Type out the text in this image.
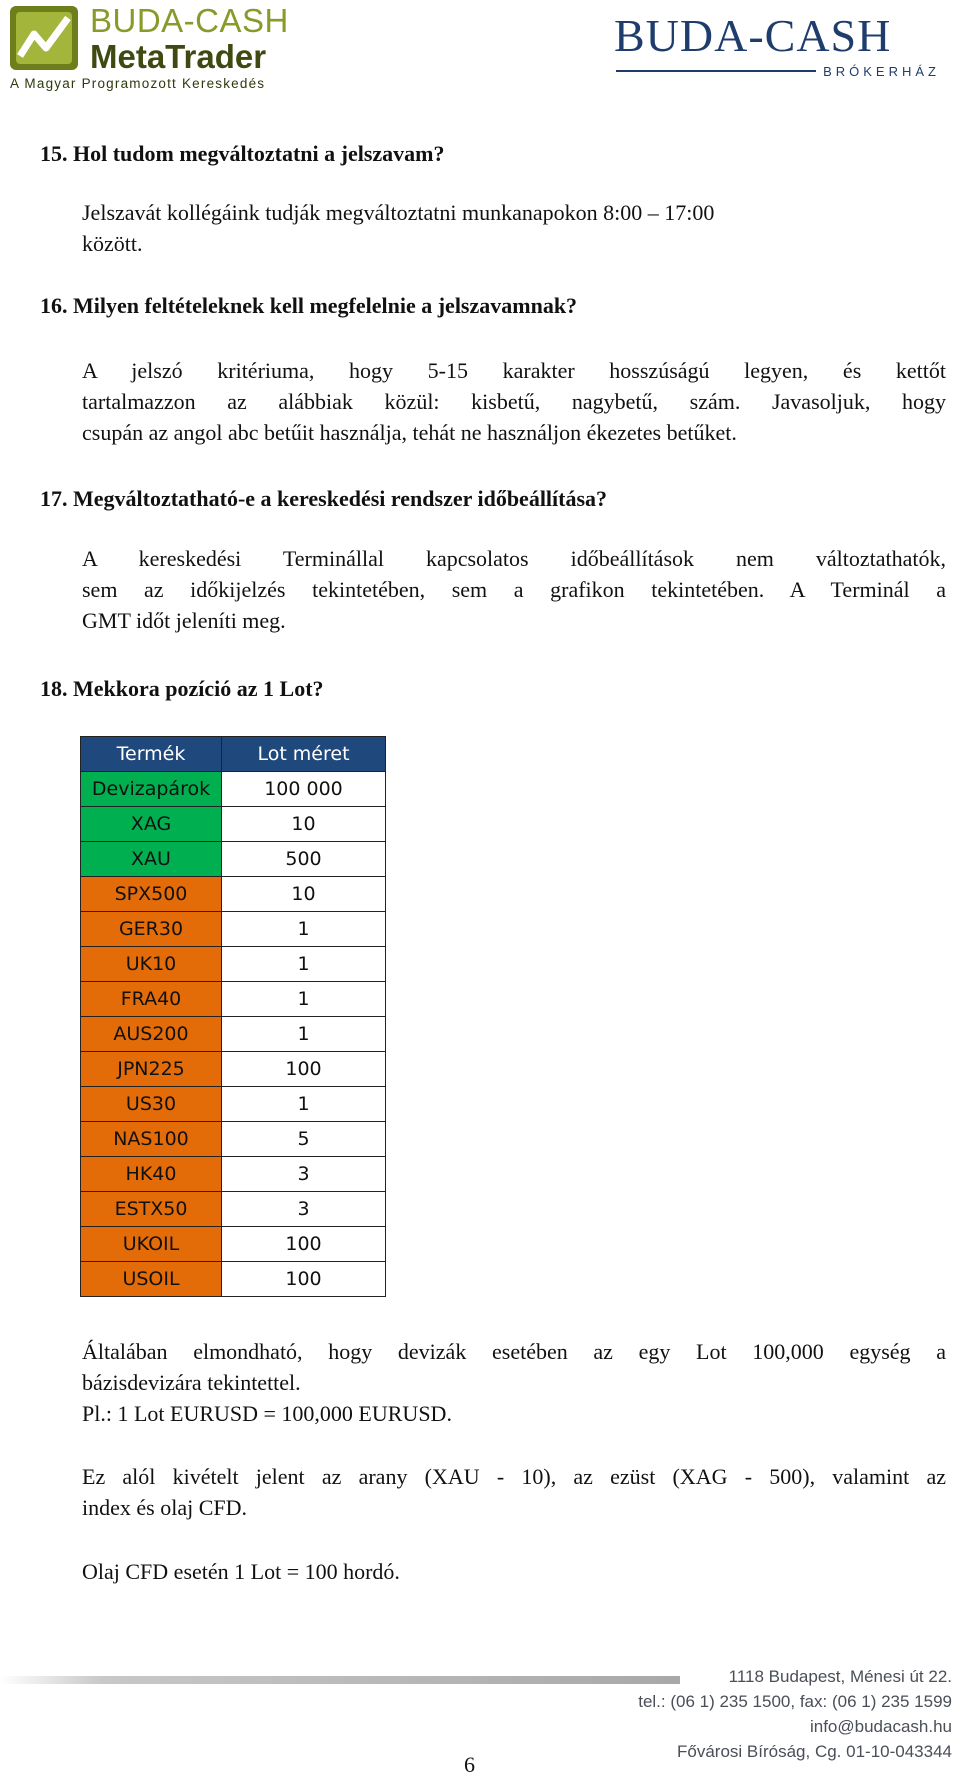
BUDA-CASH
MetaTrader
A Magyar Programozott Kereskedés
BUDA-CASH
BRÓKERHÁZ
15. Hol tudom megváltoztatni a jelszavam?
Jelszavát kollégáink tudják megváltoztatni munkanapokon 8:00 – 17:00
között.
16. Milyen feltételeknek kell megfelelnie a jelszavamnak?
A jelszó kritériuma, hogy 5-15 karakter hosszúságú legyen, és kettőt
tartalmazzon az alábbiak közül: kisbetű, nagybetű, szám. Javasoljuk, hogy
csupán az angol abc betűit használja, tehát ne használjon ékezetes betűket.
17. Megváltoztatható-e a kereskedési rendszer időbeállítása?
A kereskedési Terminállal kapcsolatos időbeállítások nem változtathatók,
sem az időkijelzés tekintetében, sem a grafikon tekintetében. A Terminál a
GMT időt jeleníti meg.
18. Mekkora pozíció az 1 Lot?
Termék	Lot méret
Devizapárok	100 000
XAG	10
XAU	500
SPX500	10
GER30	1
UK10	1
FRA40	1
AUS200	1
JPN225	100
US30	1
NAS100	5
HK40	3
ESTX50	3
UKOIL	100
USOIL	100
Általában elmondható, hogy devizák esetében az egy Lot 100,000 egység a
bázisdevizára tekintettel.
Pl.: 1 Lot EURUSD = 100,000 EURUSD.
Ez alól kivételt jelent az arany (XAU - 10), az ezüst (XAG - 500), valamint az
index és olaj CFD.
Olaj CFD esetén 1 Lot = 100 hordó.
1118 Budapest, Ménesi út 22.
tel.: (06 1) 235 1500, fax: (06 1) 235 1599
info@budacash.hu
Fővárosi Bíróság, Cg. 01-10-043344
6
